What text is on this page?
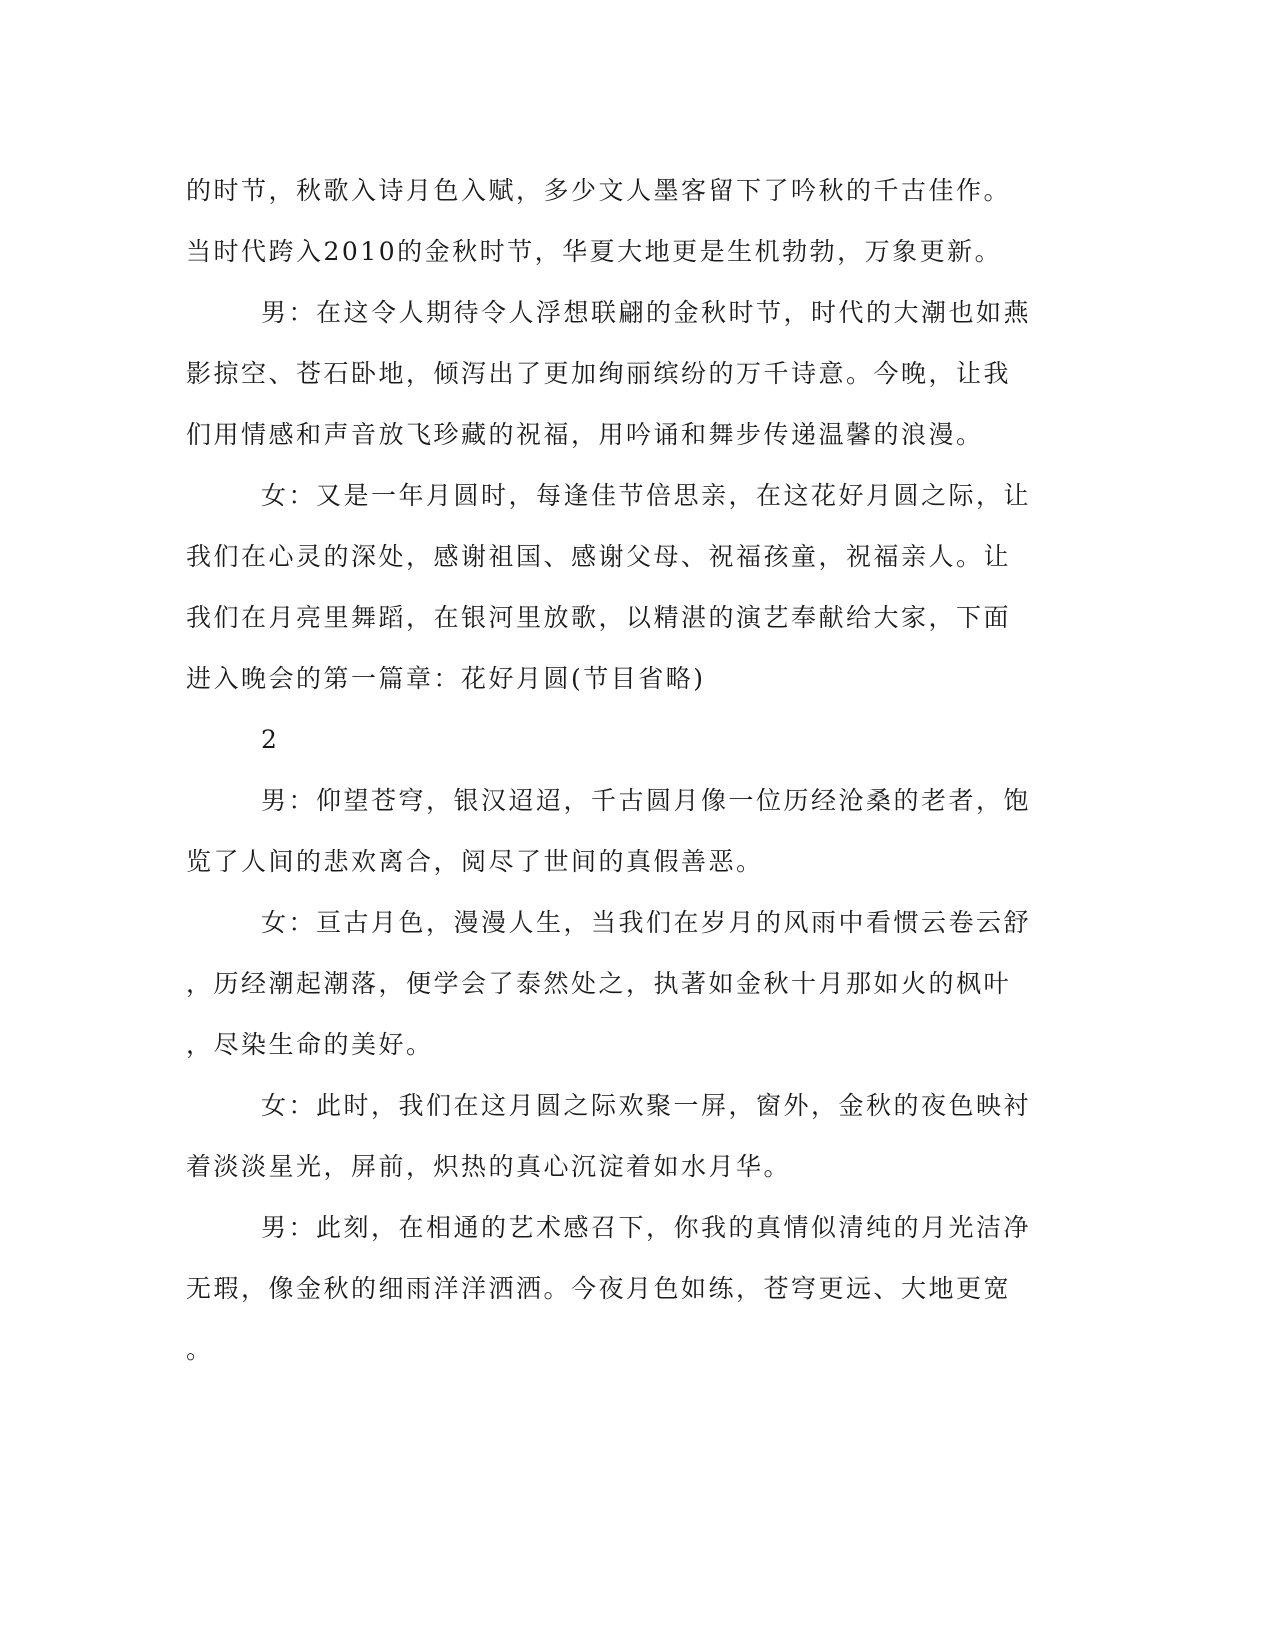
的时节，秋歌入诗月色入赋，多少文人墨客留下了吟秋的千古佳作。
当时代跨入2010的金秋时节，华夏大地更是生机勃勃，万象更新。
男：在这令人期待令人浮想联翩的金秋时节，时代的大潮也如燕
影掠空、苍石卧地，倾泻出了更加绚丽缤纷的万千诗意。今晚，让我
们用情感和声音放飞珍藏的祝福，用吟诵和舞步传递温馨的浪漫。
女：又是一年月圆时，每逢佳节倍思亲，在这花好月圆之际，让
我们在心灵的深处，感谢祖国、感谢父母、祝福孩童，祝福亲人。让
我们在月亮里舞蹈，在银河里放歌，以精湛的演艺奉献给大家，下面
进入晚会的第一篇章：花好月圆(节目省略)
2
男：仰望苍穹，银汉迢迢，千古圆月像一位历经沧桑的老者，饱
览了人间的悲欢离合，阅尽了世间的真假善恶。
女：亘古月色，漫漫人生，当我们在岁月的风雨中看惯云卷云舒
，历经潮起潮落，便学会了泰然处之，执著如金秋十月那如火的枫叶
，尽染生命的美好。
女：此时，我们在这月圆之际欢聚一屏，窗外，金秋的夜色映衬
着淡淡星光，屏前，炽热的真心沉淀着如水月华。
男：此刻，在相通的艺术感召下，你我的真情似清纯的月光洁净
无瑕，像金秋的细雨洋洋洒洒。今夜月色如练，苍穹更远、大地更宽
。
